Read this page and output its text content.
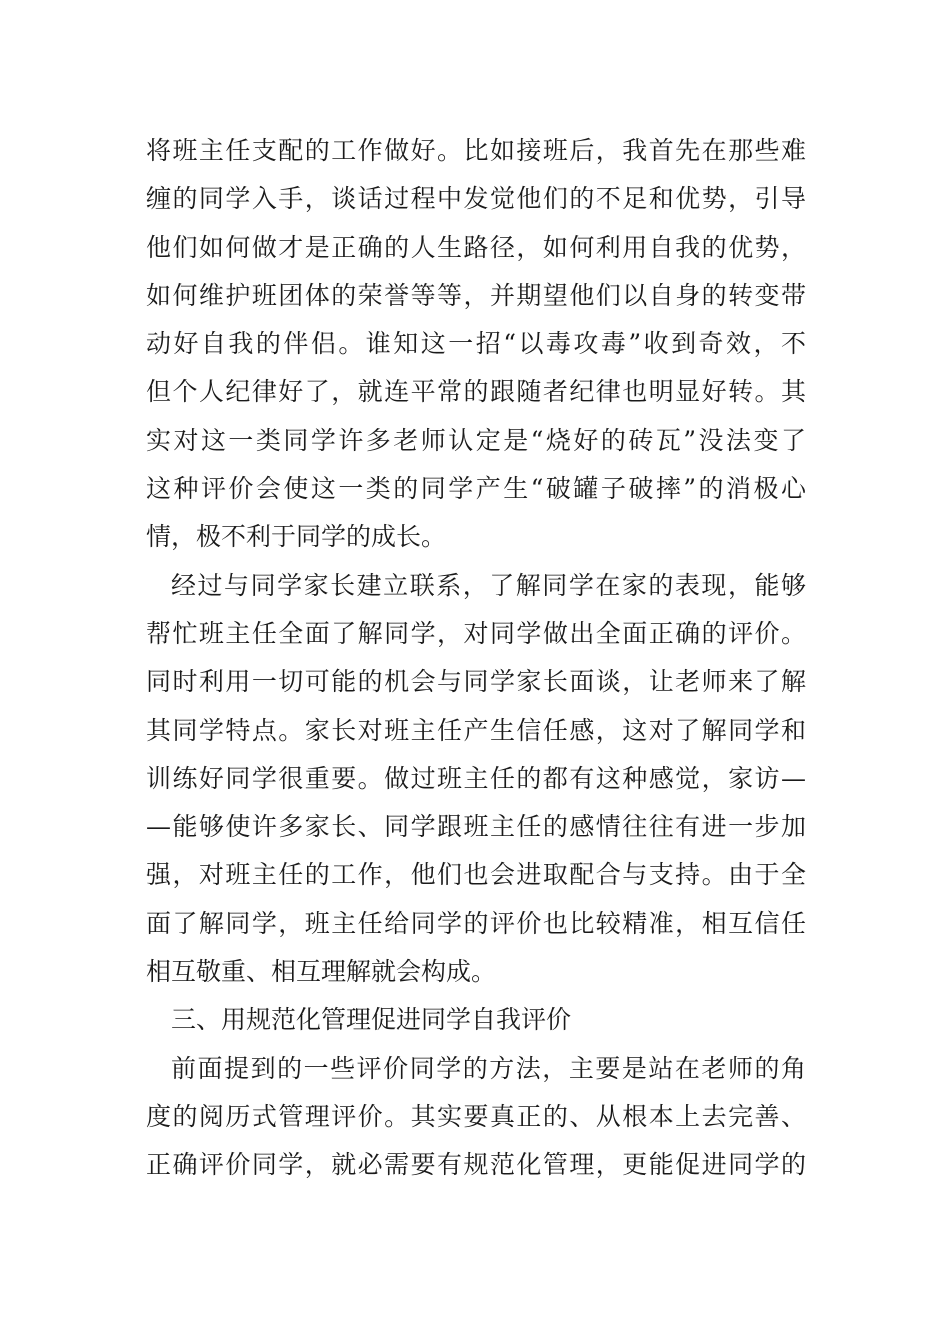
将班主任支配的工作做好。比如接班后，我首先在那些难
缠的同学入手，谈话过程中发觉他们的不足和优势，引导
他们如何做才是正确的人生路径，如何利用自我的优势，
如何维护班团体的荣誉等等，并期望他们以自身的转变带
动好自我的伴侣。谁知这一招“以毒攻毒”收到奇效，不
但个人纪律好了，就连平常的跟随者纪律也明显好转。其
实对这一类同学许多老师认定是“烧好的砖瓦”没法变了
这种评价会使这一类的同学产生“破罐子破摔”的消极心
情，极不利于同学的成长。
经过与同学家长建立联系，了解同学在家的表现，能够
帮忙班主任全面了解同学，对同学做出全面正确的评价。
同时利用一切可能的机会与同学家长面谈，让老师来了解
其同学特点。家长对班主任产生信任感，这对了解同学和
训练好同学很重要。做过班主任的都有这种感觉，家访—
—能够使许多家长、同学跟班主任的感情往往有进一步加
强，对班主任的工作，他们也会进取配合与支持。由于全
面了解同学，班主任给同学的评价也比较精准，相互信任
相互敬重、相互理解就会构成。
三、用规范化管理促进同学自我评价
前面提到的一些评价同学的方法，主要是站在老师的角
度的阅历式管理评价。其实要真正的、从根本上去完善、
正确评价同学，就必需要有规范化管理，更能促进同学的
